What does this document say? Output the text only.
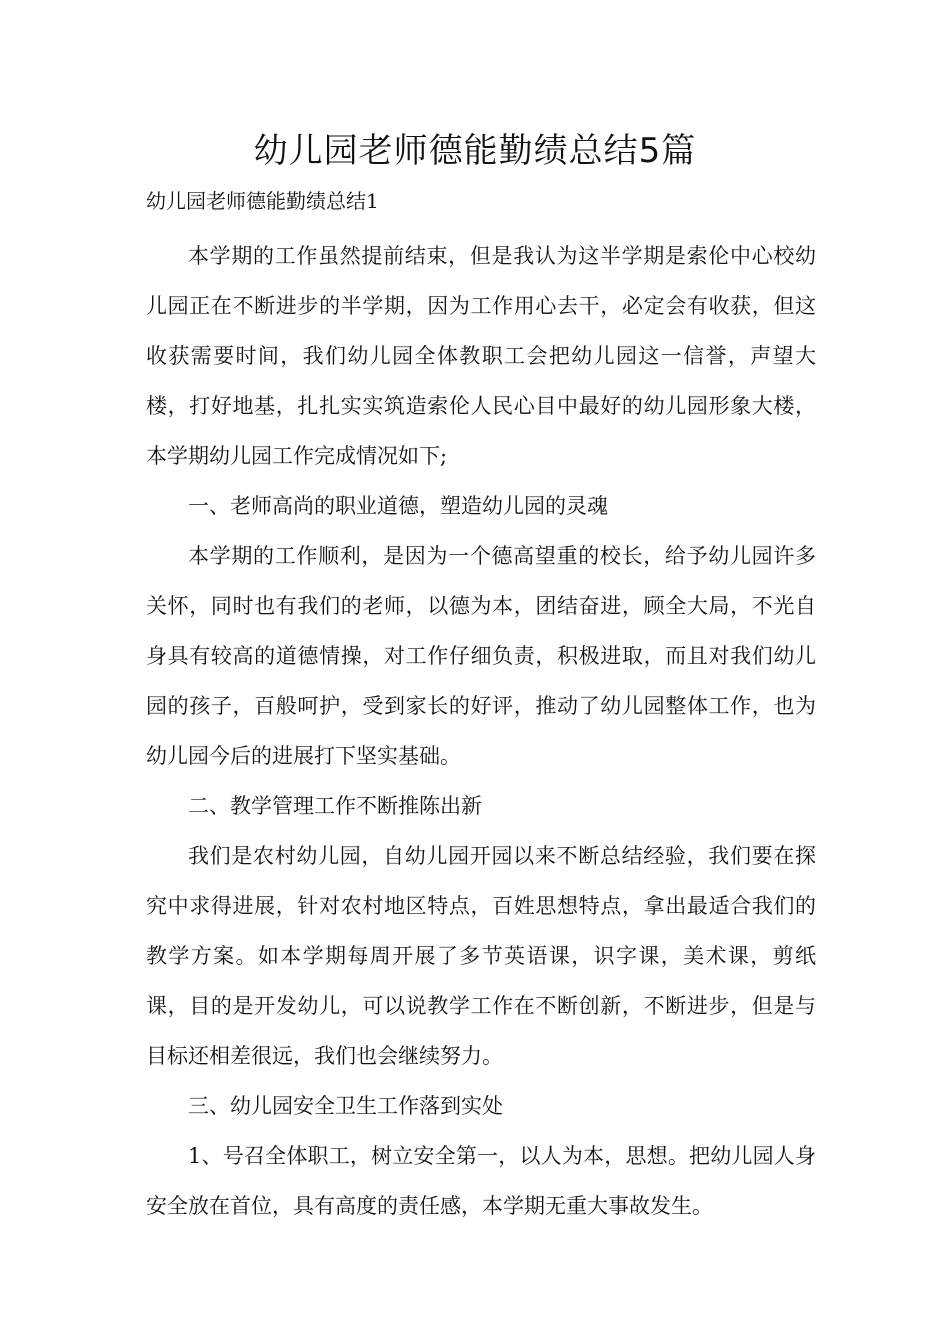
幼儿园老师德能勤绩总结5篇
幼儿园老师德能勤绩总结1

本学期的工作虽然提前结束，但是我认为这半学期是索伦中心校幼儿园正在不断进步的半学期，因为工作用心去干，必定会有收获，但这收获需要时间，我们幼儿园全体教职工会把幼儿园这一信誉，声望大楼，打好地基，扎扎实实筑造索伦人民心目中最好的幼儿园形象大楼，本学期幼儿园工作完成情况如下;

一、老师高尚的职业道德，塑造幼儿园的灵魂

本学期的工作顺利，是因为一个德高望重的校长，给予幼儿园许多关怀，同时也有我们的老师，以德为本，团结奋进，顾全大局，不光自身具有较高的道德情操，对工作仔细负责，积极进取，而且对我们幼儿园的孩子，百般呵护，受到家长的好评，推动了幼儿园整体工作，也为幼儿园今后的进展打下坚实基础。

二、教学管理工作不断推陈出新

我们是农村幼儿园，自幼儿园开园以来不断总结经验，我们要在探究中求得进展，针对农村地区特点，百姓思想特点，拿出最适合我们的教学方案。如本学期每周开展了多节英语课，识字课，美术课，剪纸课，目的是开发幼儿，可以说教学工作在不断创新，不断进步，但是与目标还相差很远，我们也会继续努力。

三、幼儿园安全卫生工作落到实处

1、号召全体职工，树立安全第一，以人为本，思想。把幼儿园人身安全放在首位，具有高度的责任感，本学期无重大事故发生。
